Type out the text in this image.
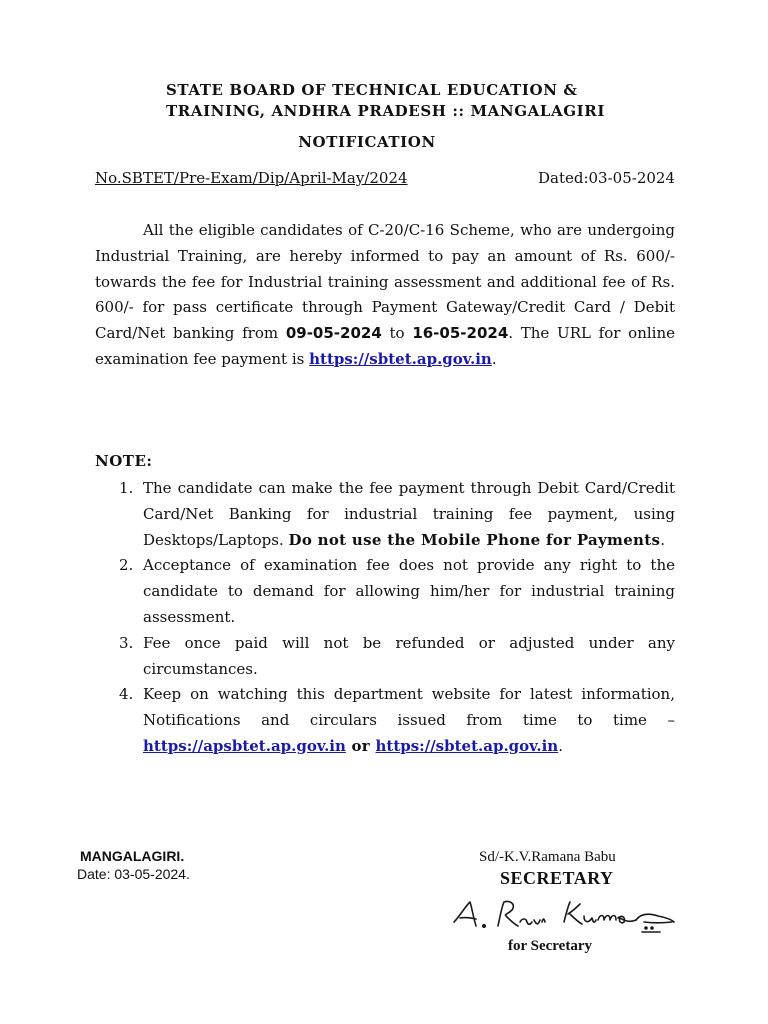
STATE BOARD OF TECHNICAL EDUCATION &
TRAINING, ANDHRA PRADESH :: MANGALAGIRI
NOTIFICATION
No.SBTET/Pre-Exam/Dip/April-May/2024	Dated:03-05-2024
All the eligible candidates of C-20/C-16 Scheme, who are undergoing Industrial Training, are hereby informed to pay an amount of Rs. 600/- towards the fee for Industrial training assessment and additional fee of Rs. 600/- for pass certificate through Payment Gateway/Credit Card / Debit Card/Net banking from 09-05-2024 to 16-05-2024. The URL for online examination fee payment is https://sbtet.ap.gov.in.
NOTE:
1. The candidate can make the fee payment through Debit Card/Credit Card/Net Banking for industrial training fee payment, using Desktops/Laptops. Do not use the Mobile Phone for Payments.
2. Acceptance of examination fee does not provide any right to the candidate to demand for allowing him/her for industrial training assessment.
3. Fee once paid will not be refunded or adjusted under any circumstances.
4. Keep on watching this department website for latest information, Notifications and circulars issued from time to time –https://apsbtet.ap.gov.in or https://sbtet.ap.gov.in.
MANGALAGIRI.
Date: 03-05-2024.
Sd/-K.V.Ramana Babu
SECRETARY
for Secretary
